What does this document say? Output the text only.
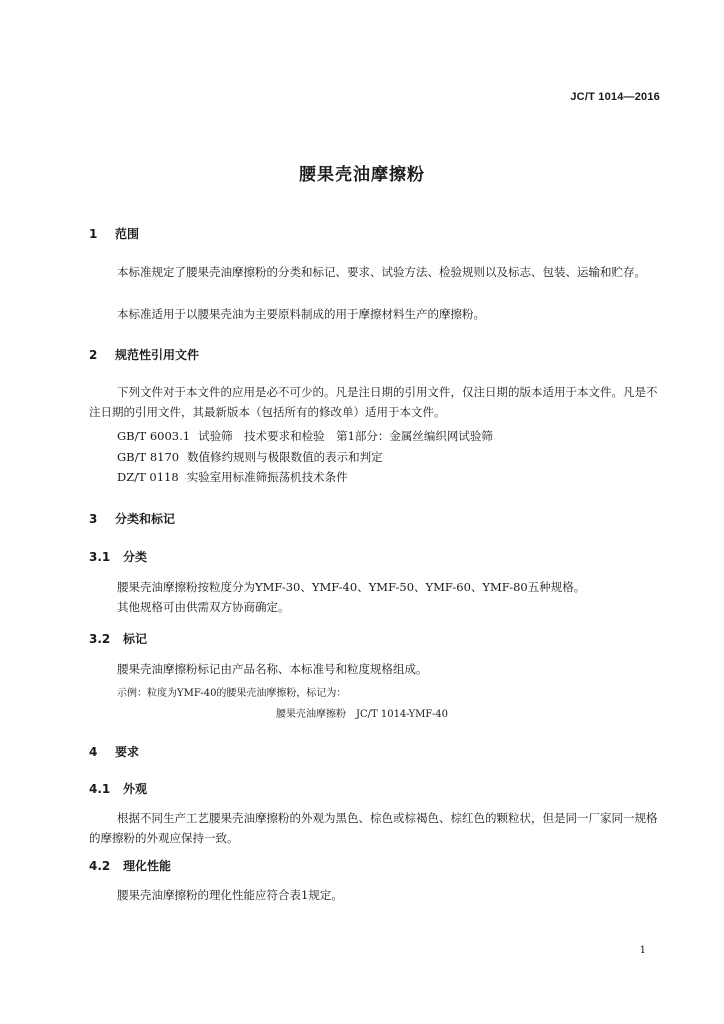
JC/T 1014—2016
腰果壳油摩擦粉
1 范围
本标准规定了腰果壳油摩擦粉的分类和标记、要求、试验方法、检验规则以及标志、包装、运输和贮存。
本标准适用于以腰果壳油为主要原料制成的用于摩擦材料生产的摩擦粉。
2 规范性引用文件
下列文件对于本文件的应用是必不可少的。凡是注日期的引用文件，仅注日期的版本适用于本文件。凡是不注日期的引用文件，其最新版本（包括所有的修改单）适用于本文件。
GB/T 6003.1 试验筛　技术要求和检验　第1部分：金属丝编织网试验筛
GB/T 8170 数值修约规则与极限数值的表示和判定
DZ/T 0118 实验室用标准筛振荡机技术条件
3 分类和标记
3.1 分类
腰果壳油摩擦粉按粒度分为YMF-30、YMF-40、YMF-50、YMF-60、YMF-80五种规格。
其他规格可由供需双方协商确定。
3.2 标记
腰果壳油摩擦粉标记由产品名称、本标准号和粒度规格组成。
示例：粒度为YMF-40的腰果壳油摩擦粉，标记为：
腰果壳油摩擦粉　JC/T 1014-YMF-40
4 要求
4.1 外观
根据不同生产工艺腰果壳油摩擦粉的外观为黑色、棕色或棕褐色、棕红色的颗粒状，但是同一厂家同一规格的摩擦粉的外观应保持一致。
4.2 理化性能
腰果壳油摩擦粉的理化性能应符合表1规定。
1
